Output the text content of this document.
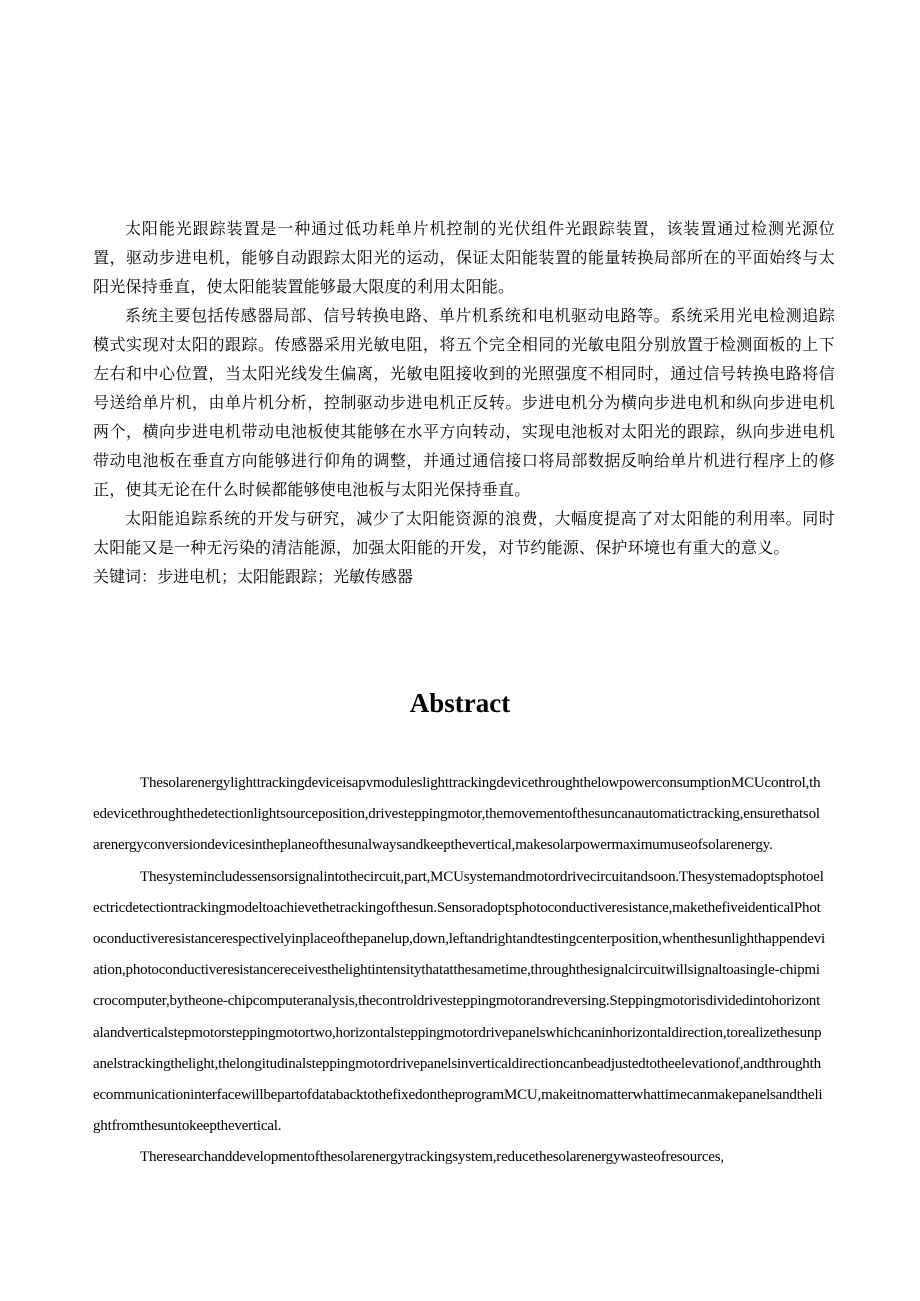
太阳能光跟踪装置是一种通过低功耗单片机控制的光伏组件光跟踪装置，该装置通过检测光源位置，驱动步进电机，能够自动跟踪太阳光的运动，保证太阳能装置的能量转换局部所在的平面始终与太阳光保持垂直，使太阳能装置能够最大限度的利用太阳能。

系统主要包括传感器局部、信号转换电路、单片机系统和电机驱动电路等。系统采用光电检测追踪模式实现对太阳的跟踪。传感器采用光敏电阻，将五个完全相同的光敏电阻分别放置于检测面板的上下左右和中心位置，当太阳光线发生偏离，光敏电阻接收到的光照强度不相同时，通过信号转换电路将信号送给单片机，由单片机分析，控制驱动步进电机正反转。步进电机分为横向步进电机和纵向步进电机两个，横向步进电机带动电池板使其能够在水平方向转动，实现电池板对太阳光的跟踪，纵向步进电机带动电池板在垂直方向能够进行仰角的调整，并通过通信接口将局部数据反响给单片机进行程序上的修正，使其无论在什么时候都能够使电池板与太阳光保持垂直。

太阳能追踪系统的开发与研究，减少了太阳能资源的浪费，大幅度提高了对太阳能的利用率。同时太阳能又是一种无污染的清洁能源，加强太阳能的开发，对节约能源、保护环境也有重大的意义。

关键词：步进电机；太阳能跟踪；光敏传感器

Abstract

ThesolarenergylighttrackingdeviceisapvmoduleslighttrackingdevicethroughthelowpowerconsumptionMCUcontrol,thedevicethroughthedetectionlightsourceposition,drivesteppingmotor,themovementofthesuncanautomatictracking,ensurethatsolarenergyconversiondevicesintheplaneofthesunalwaysandkeepthevertical,makesolarpowermaximumuseofsolarenergy.

Thesystemincludessensorsignalintothecircuit,part,MCUsystemandmotordrivecircuitandsoon.Thesystemadoptsphotoelectricdetectiontrackingmodeltoachievethetrackingofthesun.Sensoradoptsphotoconductiveresistance,makethefiveidenticalPhotoconductiveresistancerespectivelyinplaceofthepanelup,down,leftandrightandtestingcenterposition,whenthesunlighthappendeviation,photoconductiveresistancereceivesthelightintensitythatatthesametime,throughthesignalcircuitwillsignaltoasingle-chipmicrocomputer,bytheone-chipcomputeranalysis,thecontroldrivesteppingmotorandreversing.Steppingmotorisdividedintohorizontalandverticalstepmotorsteppingmotortwo,horizontalsteppingmotordrivepanelswhichcaninhorizontaldirection,torealizethesunpanelstrackingthelight,thelongitudinalsteppingmotordrivepanelsinverticaldirectioncanbeadjustedtotheelevationof,andthroughthecommunicationinterfacewillbepartofdatabacktothefixedontheprogramMCU,makeitnomatterwhattimecanmakepanelsandthelightfromthesuntokeepthevertical.

Theresearchanddevelopmentofthesolarenergytrackingsystem,reducethesolarenergywasteofresources,
